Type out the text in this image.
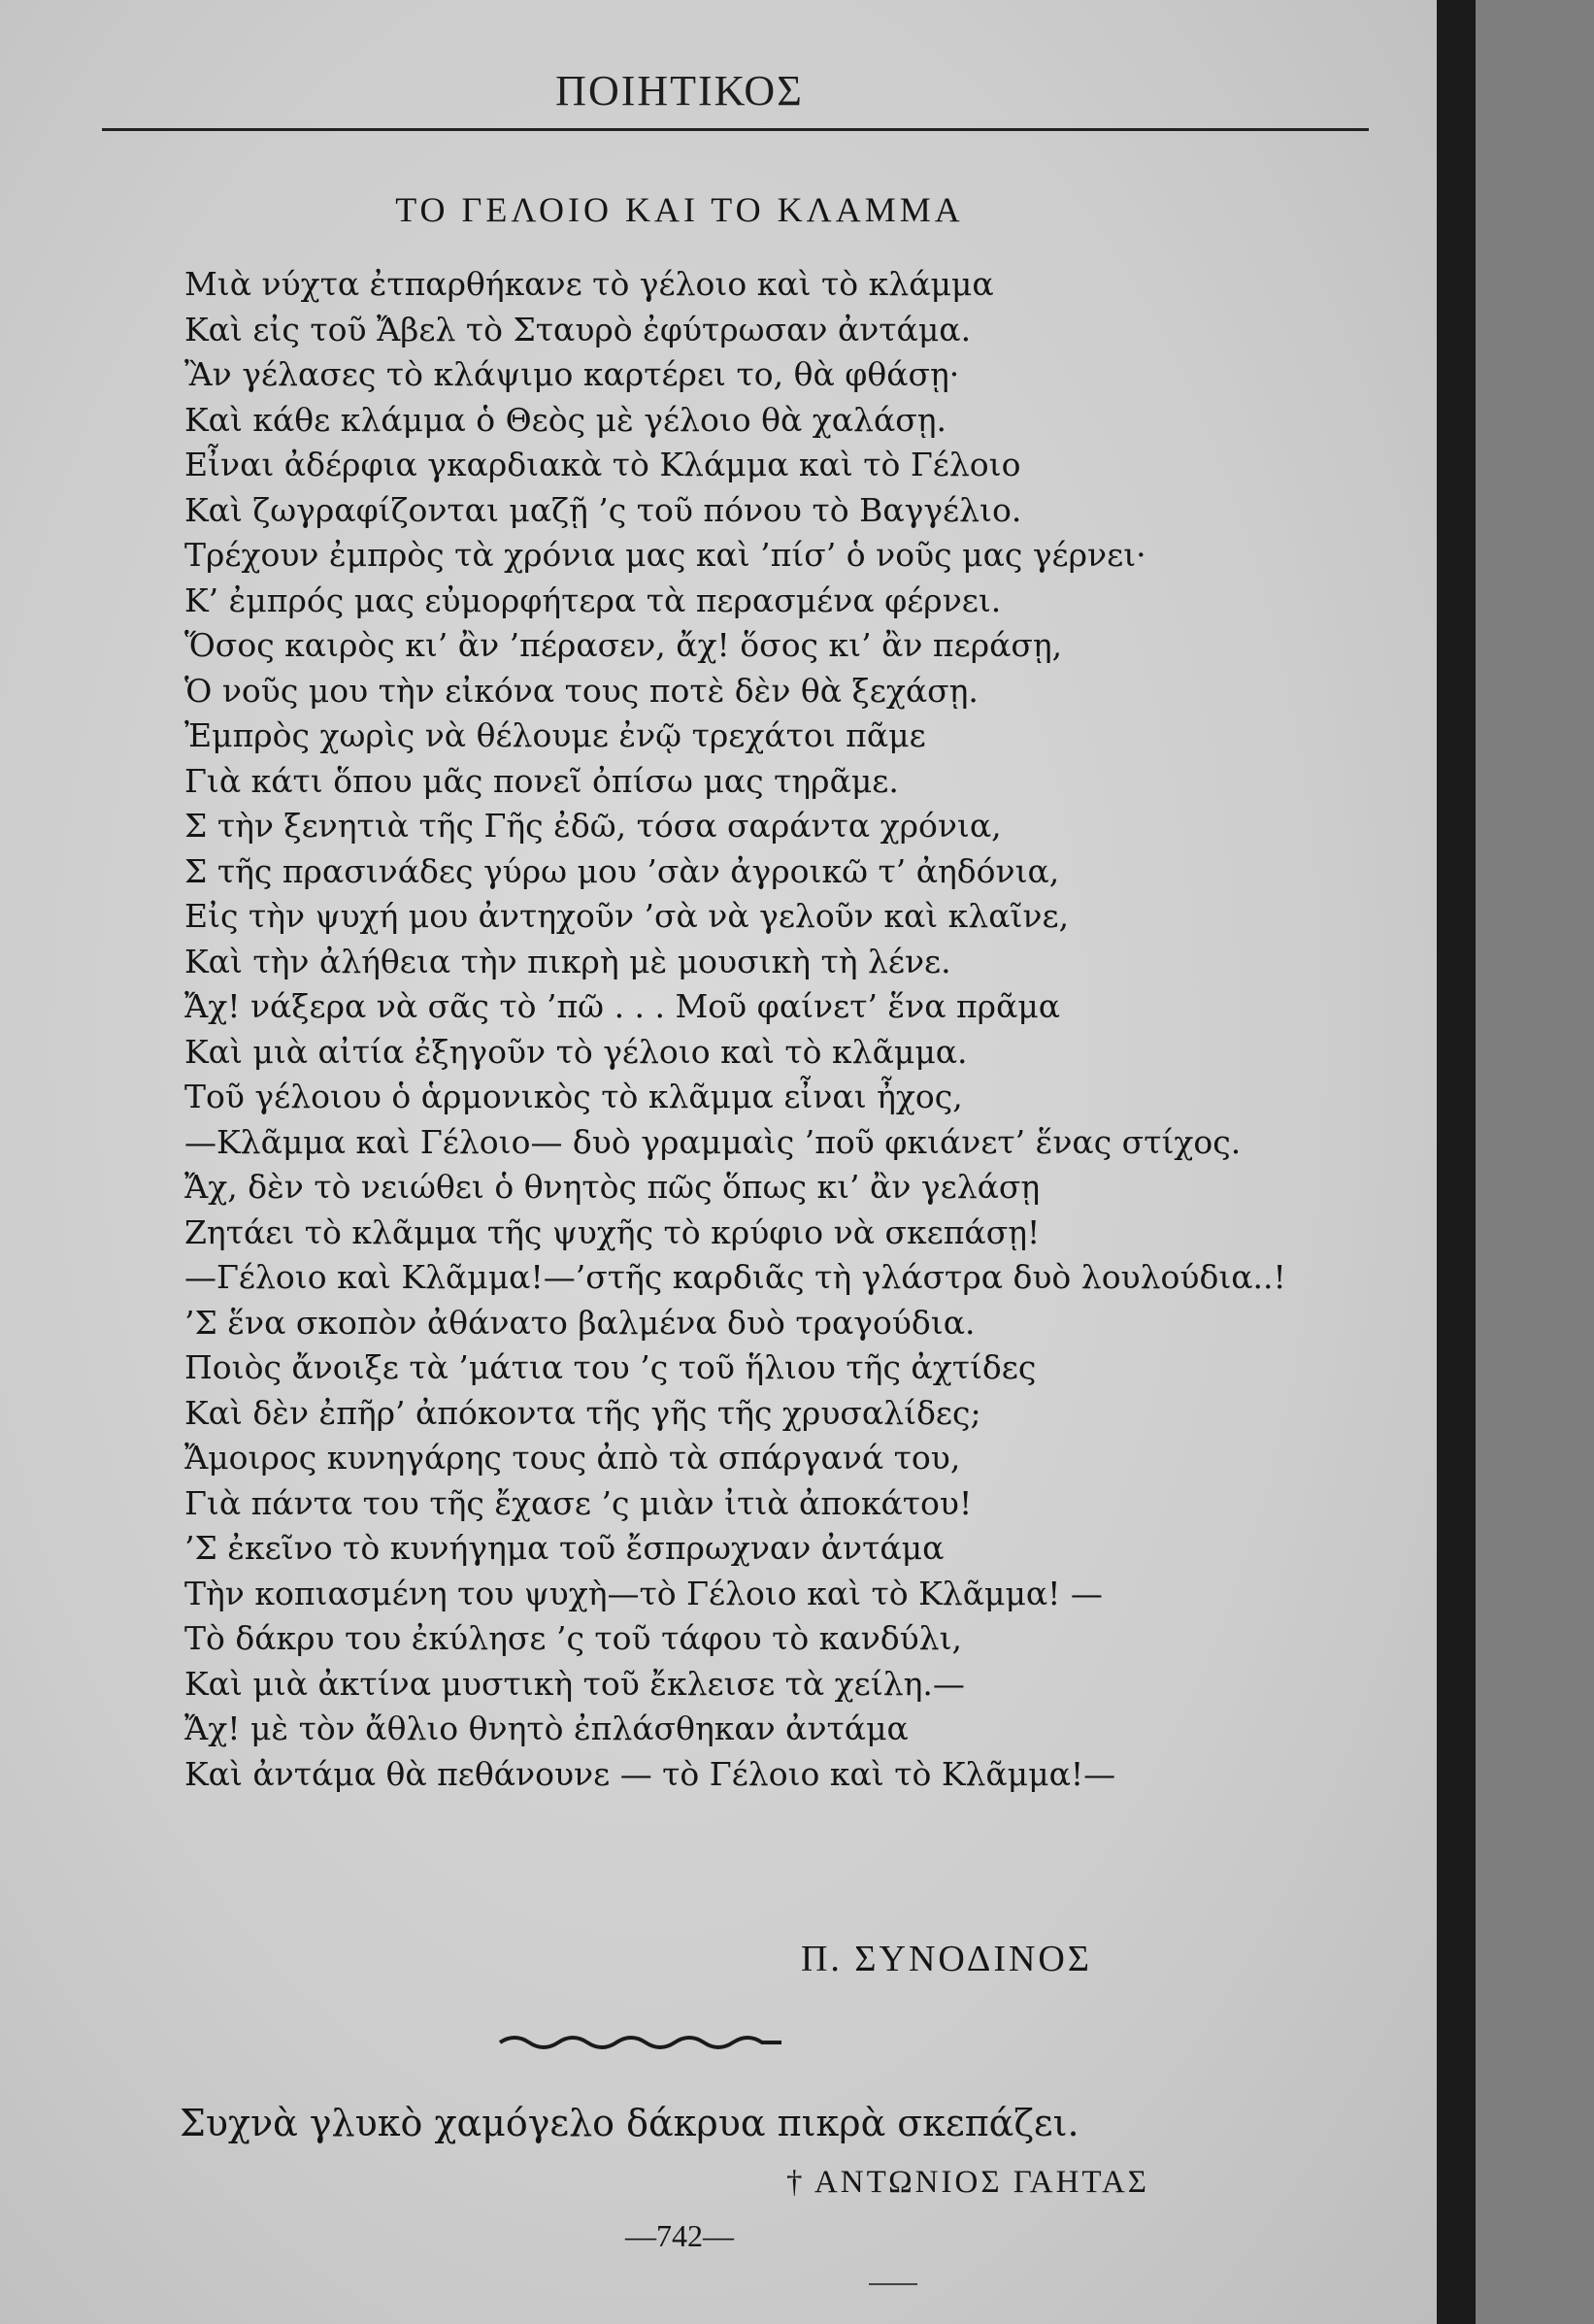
ΠΟΙΗΤΙΚΟΣ
ΤΟ ΓΕΛΟΙΟ ΚΑΙ ΤΟ ΚΛΑΜΜΑ
Μιὰ νύχτα ἐτπαρθήκανε τὸ γέλοιο καὶ τὸ κλάμμα
Καὶ εἰς τοῦ Ἄβελ τὸ Σταυρὸ ἐφύτρωσαν ἀντάμα.
Ἂν γέλασες τὸ κλάψιμο καρτέρει το, θὰ φθάσῃ·
Καὶ κάθε κλάμμα ὁ Θεὸς μὲ γέλοιο θὰ χαλάσῃ.
Εἶναι ἀδέρφια γκαρδιακὰ τὸ Κλάμμα καὶ τὸ Γέλοιο
Καὶ ζωγραφίζονται μαζῇ ’ς τοῦ πόνου τὸ Βαγγέλιο.
Τρέχουν ἐμπρὸς τὰ χρόνια μας καὶ ’πίσ’ ὁ νοῦς μας γέρνει·
Κ’ ἐμπρός μας εὐμορφήτερα τὰ περασμένα φέρνει.
Ὅσος καιρὸς κι’ ἂν ’πέρασεν, ἄχ! ὅσος κι’ ἂν περάσῃ,
Ὁ νοῦς μου τὴν εἰκόνα τους ποτὲ δὲν θὰ ξεχάσῃ.
Ἐμπρὸς χωρὶς νὰ θέλουμε ἐνῷ τρεχάτοι πᾶμε
Γιὰ κάτι ὅπου μᾶς πονεῖ ὀπίσω μας τηρᾶμε.
Σ τὴν ξενητιὰ τῆς Γῆς ἐδῶ, τόσα σαράντα χρόνια,
Σ τῆς πρασινάδες γύρω μου ’σὰν ἀγροικῶ τ’ ἀηδόνια,
Εἰς τὴν ψυχή μου ἀντηχοῦν ’σὰ νὰ γελοῦν καὶ κλαῖνε,
Καὶ τὴν ἀλήθεια τὴν πικρὴ μὲ μουσικὴ τὴ λένε.
Ἄχ! νάξερα νὰ σᾶς τὸ ’πῶ . . . Μοῦ φαίνετ’ ἕνα πρᾶμα
Καὶ μιὰ αἰτία ἐξηγοῦν τὸ γέλοιο καὶ τὸ κλᾶμμα.
Τοῦ γέλοιου ὁ ἁρμονικὸς τὸ κλᾶμμα εἶναι ἦχος,
—Κλᾶμμα καὶ Γέλοιο— δυὸ γραμμαὶς ’ποῦ φκιάνετ’ ἕνας στίχος.
Ἄχ, δὲν τὸ νειώθει ὁ θνητὸς πῶς ὅπως κι’ ἂν γελάσῃ
Ζητάει τὸ κλᾶμμα τῆς ψυχῆς τὸ κρύφιο νὰ σκεπάσῃ!
—Γέλοιο καὶ Κλᾶμμα!—’στῆς καρδιᾶς τὴ γλάστρα δυὸ λουλούδια..!
’Σ ἕνα σκοπὸν ἀθάνατο βαλμένα δυὸ τραγούδια.
Ποιὸς ἄνοιξε τὰ ’μάτια του ’ς τοῦ ἥλιου τῆς ἀχτίδες
Καὶ δὲν ἐπῆρ’ ἀπόκοντα τῆς γῆς τῆς χρυσαλίδες;
Ἄμοιρος κυνηγάρης τους ἀπὸ τὰ σπάργανά του,
Γιὰ πάντα του τῆς ἔχασε ’ς μιὰν ἰτιὰ ἀποκάτου!
’Σ ἐκεῖνο τὸ κυνήγημα τοῦ ἔσπρωχναν ἀντάμα
Τὴν κοπιασμένη του ψυχὴ—τὸ Γέλοιο καὶ τὸ Κλᾶμμα! —
Τὸ δάκρυ του ἐκύλησε ’ς τοῦ τάφου τὸ κανδύλι,
Καὶ μιὰ ἀκτίνα μυστικὴ τοῦ ἔκλεισε τὰ χείλη.—
Ἄχ! μὲ τὸν ἄθλιο θνητὸ ἐπλάσθηκαν ἀντάμα
Καὶ ἀντάμα θὰ πεθάνουνε — τὸ Γέλοιο καὶ τὸ Κλᾶμμα!—
Π. ΣΥΝΟΔΙΝΟΣ
Συχνὰ γλυκὸ χαμόγελο δάκρυα πικρὰ σκεπάζει.
† ΑΝΤΩΝΙΟΣ ΓΑΗΤΑΣ
—742—
